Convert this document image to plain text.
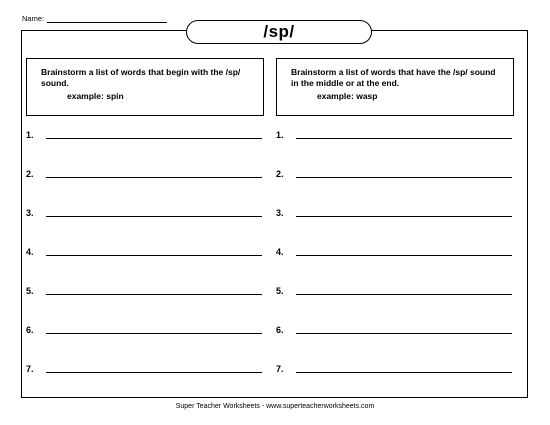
Name:
/sp/
Brainstorm a list of words that begin with the /sp/ sound.
example: spin
1.
2.
3.
4.
5.
6.
7.
Brainstorm a list of words that have the /sp/ sound in the middle or at the end.
example: wasp
1.
2.
3.
4.
5.
6.
7.
Super Teacher Worksheets - www.superteacherworksheets.com
